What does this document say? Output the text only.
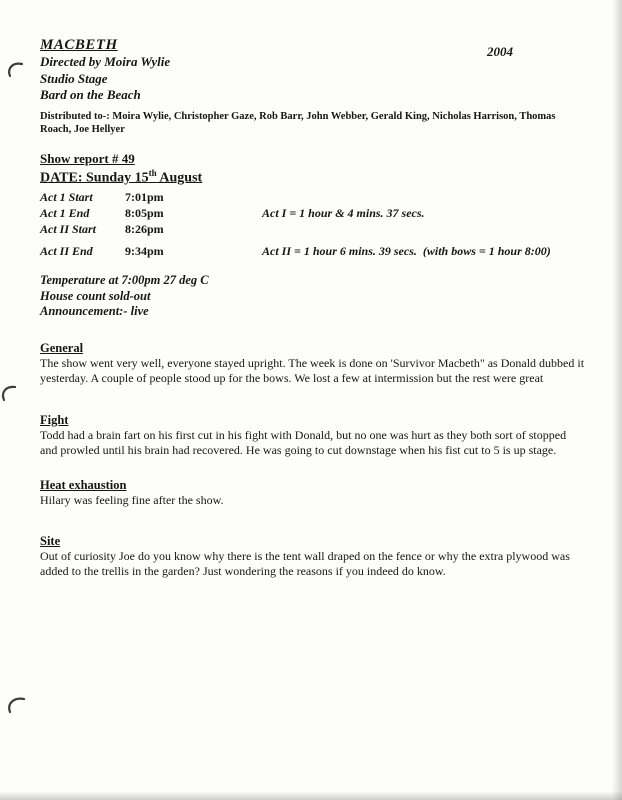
MACBETH	2004
Directed by Moira Wylie
Studio Stage
Bard on the Beach
Distributed to-: Moira Wylie, Christopher Gaze, Rob Barr, John Webber, Gerald King, Nicholas Harrison, Thomas Roach, Joe Hellyer
Show report # 49
DATE: Sunday 15th August
Act 1 Start	7:01pm
Act 1 End	8:05pm	Act I = 1 hour & 4 mins. 37 secs.
Act II Start	8:26pm
Act II End	9:34pm	Act II = 1 hour 6 mins. 39 secs.  (with bows = 1 hour 8:00)
Temperature at 7:00pm 27 deg C
House count sold-out
Announcement:- live
General

The show went very well, everyone stayed upright. The week is done on 'Survivor Macbeth" as Donald dubbed it yesterday. A couple of people stood up for the bows. We lost a few at intermission but the rest were great

Fight

Todd had a brain fart on his first cut in his fight with Donald, but no one was hurt as they both sort of stopped and prowled until his brain had recovered. He was going to cut downstage when his fist cut to 5 is up stage.

Heat exhaustion

Hilary was feeling fine after the show.

Site

Out of curiosity Joe do you know why there is the tent wall draped on the fence or why the extra plywood was added to the trellis in the garden? Just wondering the reasons if you indeed do know.
